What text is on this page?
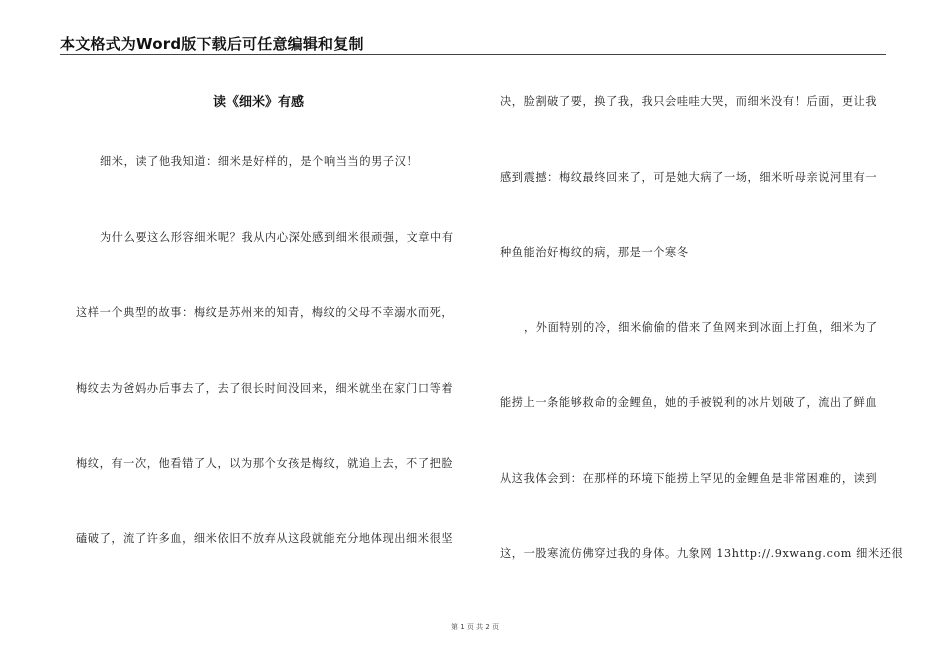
本文格式为Word版下载后可任意编辑和复制
读《细米》有感
细米，读了他我知道：细米是好样的，是个响当当的男子汉！
为什么要这么形容细米呢？我从内心深处感到细米很顽强，文章中有
这样一个典型的故事：梅纹是苏州来的知青，梅纹的父母不幸溺水而死，
梅纹去为爸妈办后事去了，去了很长时间没回来，细米就坐在家门口等着
梅纹，有一次，他看错了人，以为那个女孩是梅纹，就追上去，不了把脸
磕破了，流了许多血，细米依旧不放弃从这段就能充分地体现出细米很坚
决，脸割破了要，换了我，我只会哇哇大哭，而细米没有！后面，更让我
感到震撼：梅纹最终回来了，可是她大病了一场，细米听母亲说河里有一
种鱼能治好梅纹的病，那是一个寒冬
，外面特别的冷，细米偷偷的借来了鱼网来到冰面上打鱼，细米为了
能捞上一条能够救命的金鲤鱼，她的手被锐利的冰片划破了，流出了鲜血
从这我体会到：在那样的环境下能捞上罕见的金鲤鱼是非常困难的，读到
这，一股寒流仿佛穿过我的身体。九象网 13http://.9xwang.com 细米还很
第 1 页 共 2 页
